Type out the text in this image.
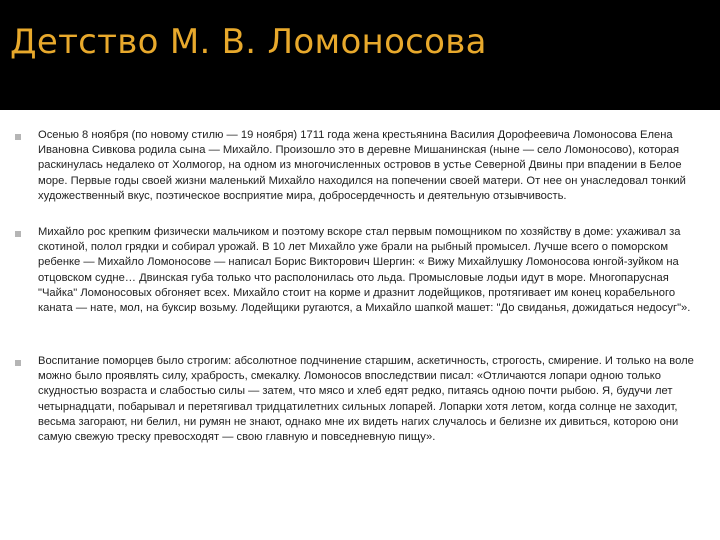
Детство М. В. Ломоносова
Осенью 8 ноября (по новому стилю — 19 ноября) 1711 года жена крестьянина Василия Дорофеевича Ломоносова Елена Ивановна Сивкова родила сына — Михайло. Произошло это в деревне Мишанинская (ныне — село Ломоносово), которая раскинулась недалеко от Холмогор, на одном из многочисленных островов в устье Северной Двины при впадении в Белое море. Первые годы своей жизни маленький Михайло находился на попечении своей матери. От нее он унаследовал тонкий художественный вкус, поэтическое восприятие мира, добросердечность и деятельную отзывчивость.
Михайло рос крепким физически мальчиком и поэтому вскоре стал первым помощником по хозяйству в доме: ухаживал за скотиной, полол грядки и собирал урожай. В 10 лет Михайло уже брали на рыбный промысел. Лучше всего о поморском ребенке — Михайло Ломоносове — написал Борис Викторович Шергин: « Вижу Михайлушку Ломоносова юнгой-зуйком на отцовском судне… Двинская губа только что располонилась ото льда. Промысловые лодьи идут в море. Многопарусная "Чайка" Ломоносовых обгоняет всех. Михайло стоит на корме и дразнит лодейщиков, протягивает им конец корабельного каната — нате, мол, на буксир возьму. Лодейщики ругаются, а Михайло шапкой машет: "До свиданья, дожидаться недосуг"».
Воспитание поморцев было строгим: абсолютное подчинение старшим, аскетичность, строгость, смирение. И только на воле можно было проявлять силу, храбрость, смекалку. Ломоносов впоследствии писал: «Отличаются лопари одною только скудностью возраста и слабостью силы — затем, что мясо и хлеб едят редко, питаясь одною почти рыбою. Я, будучи лет четырнадцати, побарывал и перетягивал тридцатилетних сильных лопарей. Лопарки хотя летом, когда солнце не заходит, весьма загорают, ни белил, ни румян не знают, однако мне их видеть нагих случалось и белизне их дивиться, которою они самую свежую треску превосходят — свою главную и повседневную пищу».
